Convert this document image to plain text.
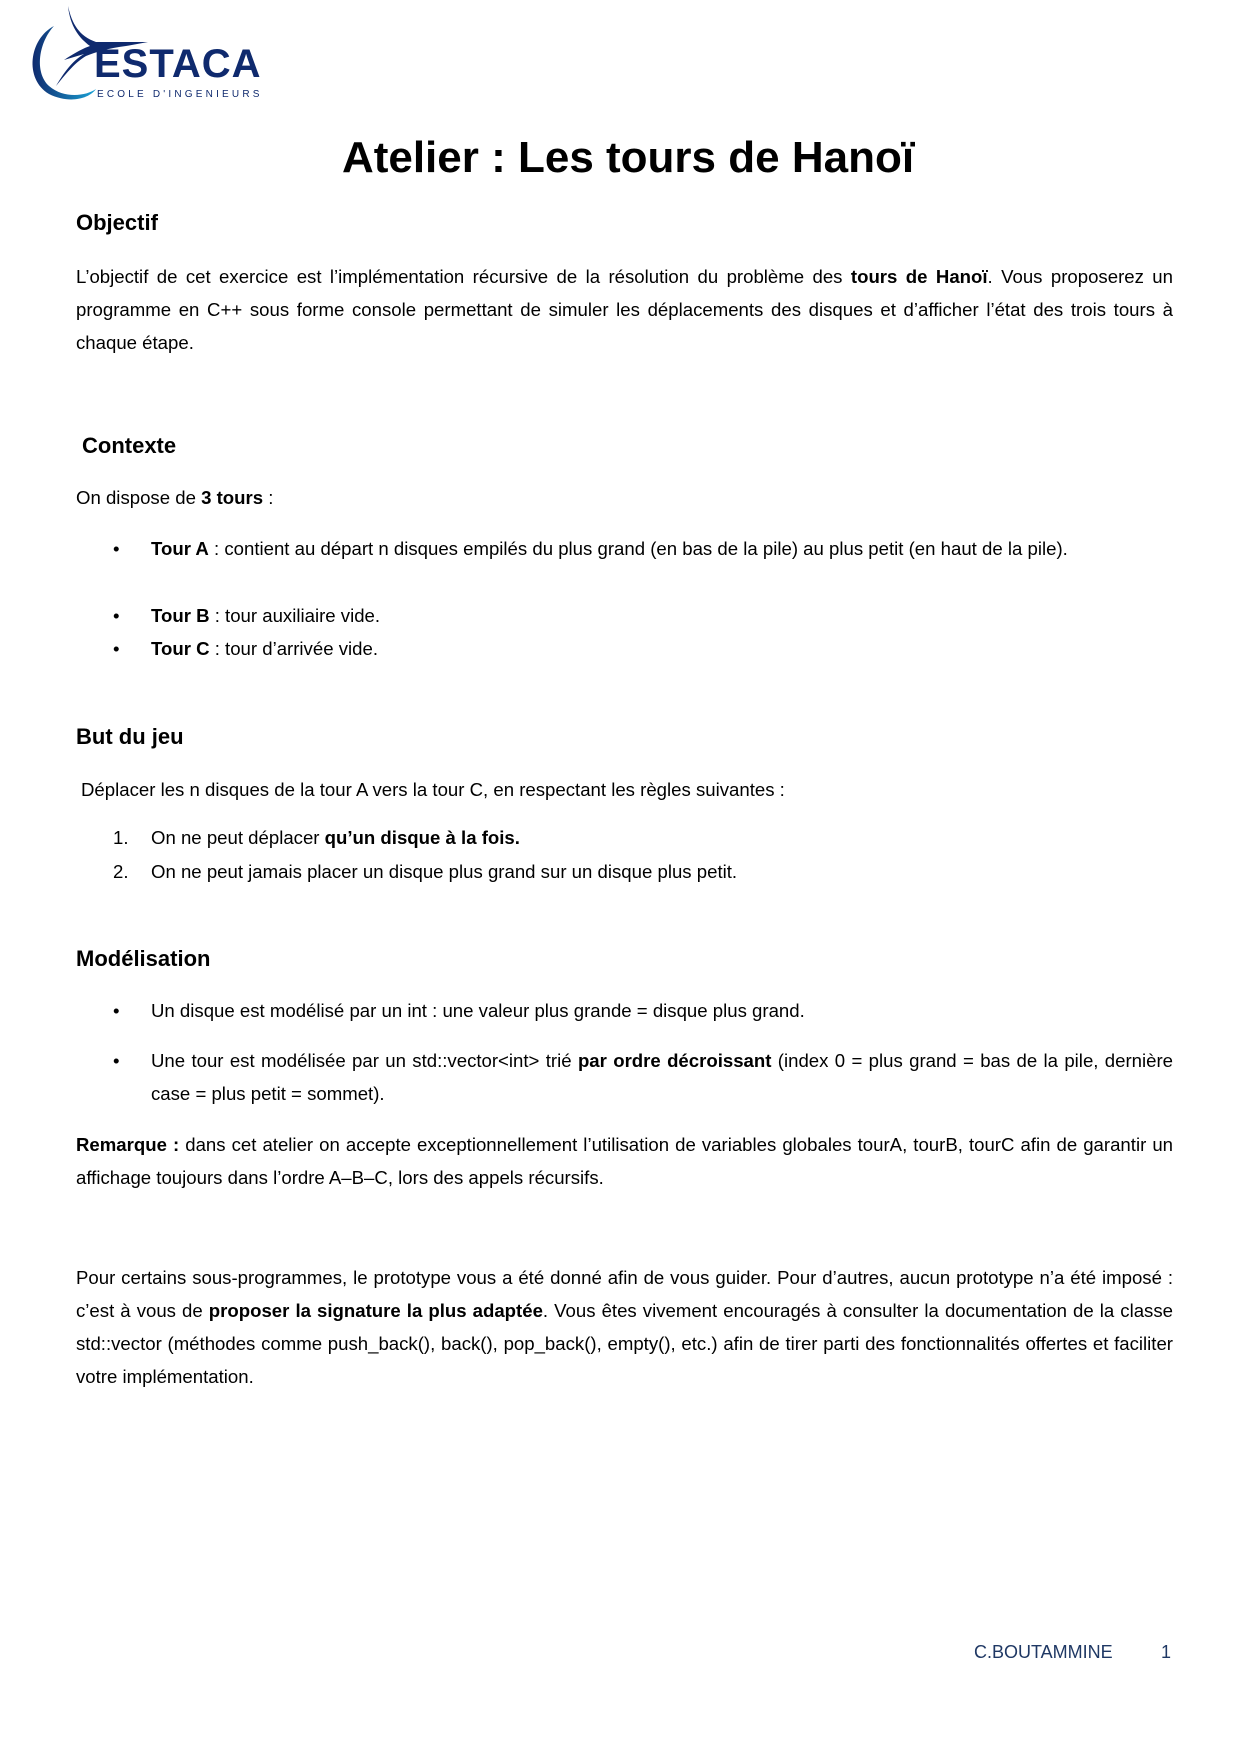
ESTACA
ECOLE D'INGENIEURS
Atelier : Les tours de Hanoï
Objectif
L’objectif de cet exercice est l’implémentation récursive de la résolution du problème des tours de Hanoï. Vous proposerez un programme en C++ sous forme console permettant de simuler les déplacements des disques et d’afficher l’état des trois tours à chaque étape.
Contexte
On dispose de 3 tours :
• Tour A : contient au départ n disques empilés du plus grand (en bas de la pile) au plus petit (en haut de la pile).
• Tour B : tour auxiliaire vide.
• Tour C : tour d’arrivée vide.
But du jeu
Déplacer les n disques de la tour A vers la tour C, en respectant les règles suivantes :
1. On ne peut déplacer qu’un disque à la fois.
2. On ne peut jamais placer un disque plus grand sur un disque plus petit.
Modélisation
• Un disque est modélisé par un int : une valeur plus grande = disque plus grand.
• Une tour est modélisée par un std::vector<int> trié par ordre décroissant (index 0 = plus grand = bas de la pile, dernière case = plus petit = sommet).
Remarque : dans cet atelier on accepte exceptionnellement l’utilisation de variables globales tourA, tourB, tourC afin de garantir un affichage toujours dans l’ordre A–B–C, lors des appels récursifs.
Pour certains sous-programmes, le prototype vous a été donné afin de vous guider. Pour d’autres, aucun prototype n’a été imposé : c’est à vous de proposer la signature la plus adaptée. Vous êtes vivement encouragés à consulter la documentation de la classe std::vector (méthodes comme push_back(), back(), pop_back(), empty(), etc.) afin de tirer parti des fonctionnalités offertes et faciliter votre implémentation.
C.BOUTAMMINE	1
